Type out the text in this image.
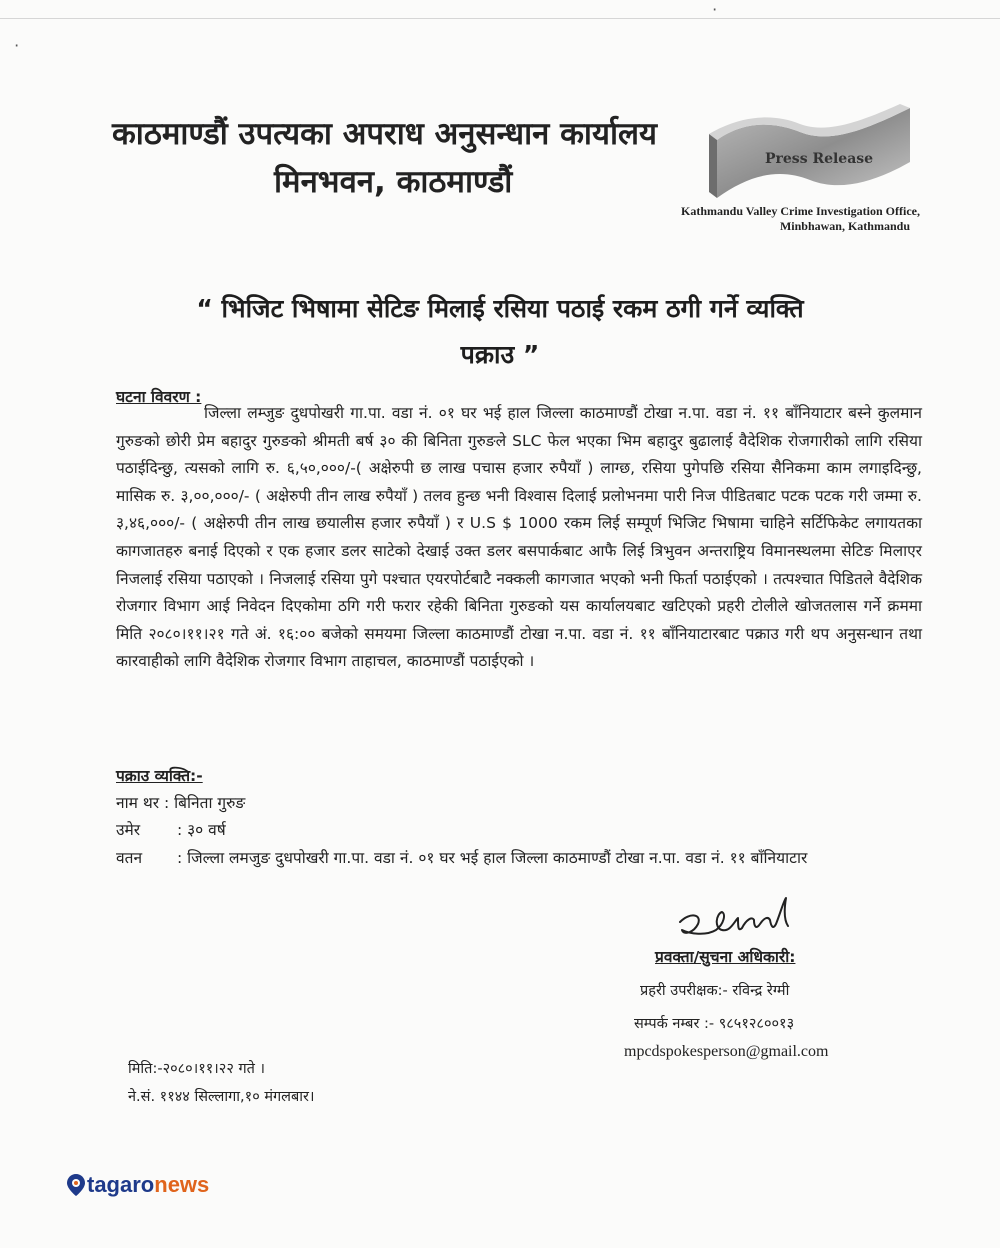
⋅
⋅
काठमाण्डौं उपत्यका अपराध अनुसन्धान कार्यालय
मिनभवन, काठमाण्डौं
Press Release
Kathmandu Valley Crime Investigation Office,
Minbhawan, Kathmandu
“ भिजिट भिषामा सेटिङ मिलाई रसिया पठाई रकम ठगी गर्ने व्यक्ति
पक्राउ ”
घटना विवरण :
जिल्ला लम्जुङ दुधपोखरी गा.पा. वडा नं. ०१ घर भई हाल जिल्ला काठमाण्डौं टोखा न.पा. वडा नं. ११ बाँनियाटार बस्ने कुलमान गुरुङको छोरी प्रेम बहादुर गुरुङको श्रीमती बर्ष ३० की बिनिता गुरुङले SLC फेल भएका भिम बहादुर बुढालाई वैदेशिक रोजगारीको लागि रसिया पठाईदिन्छु, त्यसको लागि रु. ६,५०,०००/-( अक्षेरुपी छ लाख पचास हजार रुपैयाँ ) लाग्छ, रसिया पुगेपछि रसिया सैनिकमा काम लगाइदिन्छु, मासिक रु. ३,००,०००/- ( अक्षेरुपी तीन लाख रुपैयाँ ) तलव हुन्छ भनी विश्वास दिलाई प्रलोभनमा पारी निज पीडितबाट पटक पटक गरी जम्मा रु. ३,४६,०००/- ( अक्षेरुपी तीन लाख छयालीस हजार रुपैयाँ ) र U.S $ 1000 रकम लिई सम्पूर्ण भिजिट भिषामा चाहिने सर्टिफिकेट लगायतका कागजातहरु बनाई दिएको र एक हजार डलर साटेको देखाई उक्त डलर बसपार्कबाट आफै लिई त्रिभुवन अन्तराष्ट्रिय विमानस्थलमा सेटिङ मिलाएर निजलाई रसिया पठाएको । निजलाई रसिया पुगे पश्चात एयरपोर्टबाटै नक्कली कागजात भएको भनी फिर्ता पठाईएको । तत्पश्चात पिडितले वैदेशिक रोजगार विभाग आई निवेदन दिएकोमा ठगि गरी फरार रहेकी बिनिता गुरुङको यस कार्यालयबाट खटिएको प्रहरी टोलीले खोजतलास गर्ने क्रममा मिति २०८०।११।२१ गते अं. १६:०० बजेको समयमा जिल्ला काठमाण्डौं टोखा न.पा. वडा नं. ११ बाँनियाटारबाट पक्राउ गरी थप अनुसन्धान तथा कारवाहीको लागि वैदेशिक रोजगार विभाग ताहाचल, काठमाण्डौं पठाईएको ।
पक्राउ व्यक्ति:-
नाम थर : बिनिता गुरुङ
उमेर : ३० वर्ष
वतन : जिल्ला लमजुङ दुधपोखरी गा.पा. वडा नं. ०१ घर भई हाल जिल्ला काठमाण्डौं टोखा न.पा. वडा नं. ११ बाँनियाटार
प्रवक्ता/सुचना अधिकारी:
प्रहरी उपरीक्षक:- रविन्द्र रेग्मी
सम्पर्क नम्बर :- ९८५१२८००१३
mpcdspokesperson@gmail.com
मिति:-२०८०।११।२२ गते ।
ने.सं. ११४४ सिल्लागा,१० मंगलबार।
tagaro news
